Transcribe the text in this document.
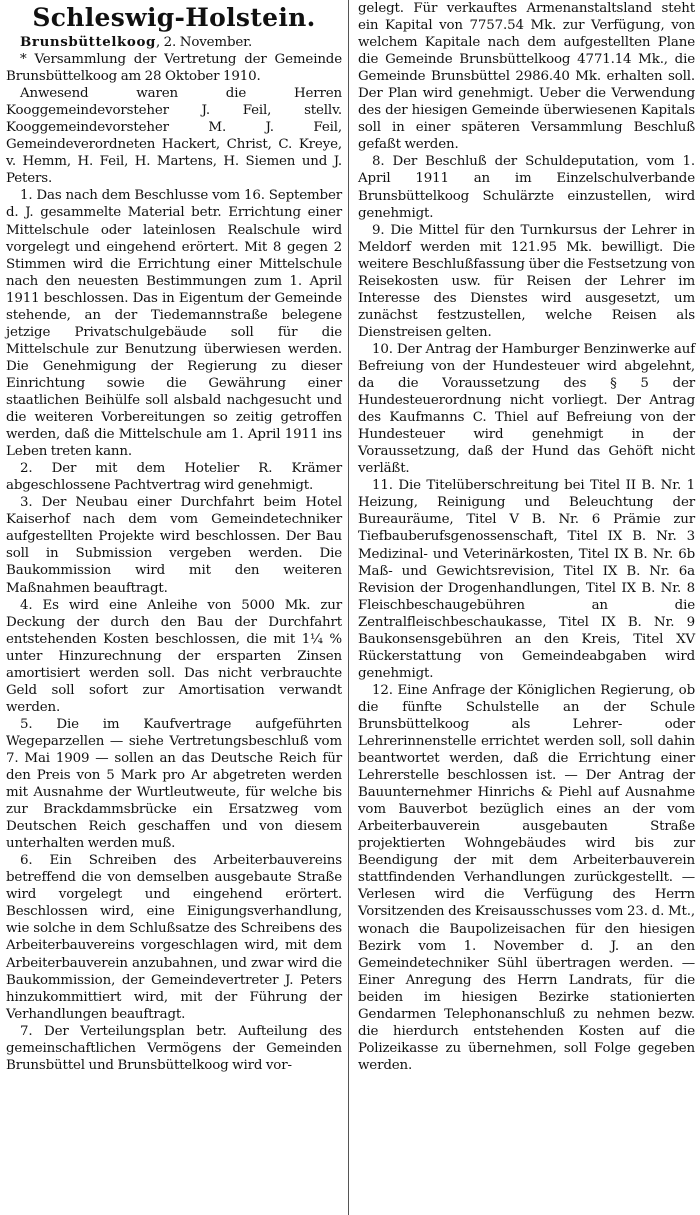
Schleswig-Holstein.

Brunsbüttelkoog, 2. November.

* Versammlung der Vertretung der Gemeinde Brunsbüttelkoog am 28 Oktober 1910.

Anwesend waren die Herren Kooggemeindevorsteher J. Feil, stellv. Kooggemeindevorsteher M. J. Feil, Gemeindeverordneten Hackert, Christ, C. Kreye, v. Hemm, H. Feil, H. Martens, H. Siemen und J. Peters.

1. Das nach dem Beschlusse vom 16. September d. J. gesammelte Material betr. Errichtung einer Mittelschule oder lateinlosen Realschule wird vorgelegt und eingehend erörtert. Mit 8 gegen 2 Stimmen wird die Errichtung einer Mittelschule nach den neuesten Bestimmungen zum 1. April 1911 beschlossen. Das in Eigentum der Gemeinde stehende, an der Tiedemannstraße belegene jetzige Privatschulgebäude soll für die Mittelschule zur Benutzung überwiesen werden. Die Genehmigung der Regierung zu dieser Einrichtung sowie die Gewährung einer staatlichen Beihülfe soll alsbald nachgesucht und die weiteren Vorbereitungen so zeitig getroffen werden, daß die Mittelschule am 1. April 1911 ins Leben treten kann.

2. Der mit dem Hotelier R. Krämer abgeschlossene Pachtvertrag wird genehmigt.

3. Der Neubau einer Durchfahrt beim Hotel Kaiserhof nach dem vom Gemeindetechniker aufgestellten Projekte wird beschlossen. Der Bau soll in Submission vergeben werden. Die Baukommission wird mit den weiteren Maßnahmen beauftragt.

4. Es wird eine Anleihe von 5000 Mk. zur Deckung der durch den Bau der Durchfahrt entstehenden Kosten beschlossen, die mit 1¼ % unter Hinzurechnung der ersparten Zinsen amortisiert werden soll. Das nicht verbrauchte Geld soll sofort zur Amortisation verwandt werden.

5. Die im Kaufvertrage aufgeführten Wegeparzellen — siehe Vertretungsbeschluß vom 7. Mai 1909 — sollen an das Deutsche Reich für den Preis von 5 Mark pro Ar abgetreten werden mit Ausnahme der Wurtleutweute, für welche bis zur Brackdammsbrücke ein Ersatzweg vom Deutschen Reich geschaffen und von diesem unterhalten werden muß.

6. Ein Schreiben des Arbeiterbauvereins betreffend die von demselben ausgebaute Straße wird vorgelegt und eingehend erörtert. Beschlossen wird, eine Einigungsverhandlung, wie solche in dem Schlußsatze des Schreibens des Arbeiterbauvereins vorgeschlagen wird, mit dem Arbeiterbauverein anzubahnen, und zwar wird die Baukommission, der Gemeindevertreter J. Peters hinzukommittiert wird, mit der Führung der Verhandlungen beauftragt.

7. Der Verteilungsplan betr. Aufteilung des gemeinschaftlichen Vermögens der Gemeinden Brunsbüttel und Brunsbüttelkoog wird vor-

gelegt. Für verkauftes Armenanstaltsland steht ein Kapital von 7757.54 Mk. zur Verfügung, von welchem Kapitale nach dem aufgestellten Plane die Gemeinde Brunsbüttelkoog 4771.14 Mk., die Gemeinde Brunsbüttel 2986.40 Mk. erhalten soll. Der Plan wird genehmigt. Ueber die Verwendung des der hiesigen Gemeinde überwiesenen Kapitals soll in einer späteren Versammlung Beschluß gefaßt werden.

8. Der Beschluß der Schuldeputation, vom 1. April 1911 an im Einzelschulverbande Brunsbüttelkoog Schulärzte einzustellen, wird genehmigt.

9. Die Mittel für den Turnkursus der Lehrer in Meldorf werden mit 121.95 Mk. bewilligt. Die weitere Beschlußfassung über die Festsetzung von Reisekosten usw. für Reisen der Lehrer im Interesse des Dienstes wird ausgesetzt, um zunächst festzustellen, welche Reisen als Dienstreisen gelten.

10. Der Antrag der Hamburger Benzinwerke auf Befreiung von der Hundesteuer wird abgelehnt, da die Voraussetzung des § 5 der Hundesteuerordnung nicht vorliegt. Der Antrag des Kaufmanns C. Thiel auf Befreiung von der Hundesteuer wird genehmigt in der Voraussetzung, daß der Hund das Gehöft nicht verläßt.

11. Die Titelüberschreitung bei Titel II B. Nr. 1 Heizung, Reinigung und Beleuchtung der Bureauräume, Titel V B. Nr. 6 Prämie zur Tiefbauberufsgenossenschaft, Titel IX B. Nr. 3 Medizinal- und Veterinärkosten, Titel IX B. Nr. 6b Maß- und Gewichtsrevision, Titel IX B. Nr. 6a Revision der Drogenhandlungen, Titel IX B. Nr. 8 Fleischbeschaugebühren an die Zentralfleischbeschaukasse, Titel IX B. Nr. 9 Baukonsensgebühren an den Kreis, Titel XV Rückerstattung von Gemeindeabgaben wird genehmigt.

12. Eine Anfrage der Königlichen Regierung, ob die fünfte Schulstelle an der Schule Brunsbüttelkoog als Lehrer- oder Lehrerinnenstelle errichtet werden soll, soll dahin beantwortet werden, daß die Errichtung einer Lehrerstelle beschlossen ist. — Der Antrag der Bauunternehmer Hinrichs & Piehl auf Ausnahme vom Bauverbot bezüglich eines an der vom Arbeiterbauverein ausgebauten Straße projektierten Wohngebäudes wird bis zur Beendigung der mit dem Arbeiterbauverein stattfindenden Verhandlungen zurückgestellt. — Verlesen wird die Verfügung des Herrn Vorsitzenden des Kreisausschusses vom 23. d. Mt., wonach die Baupolizeisachen für den hiesigen Bezirk vom 1. November d. J. an den Gemeindetechniker Sühl übertragen werden. — Einer Anregung des Herrn Landrats, für die beiden im hiesigen Bezirke stationierten Gendarmen Telephonanschluß zu nehmen bezw. die hierdurch entstehenden Kosten auf die Polizeikasse zu übernehmen, soll Folge gegeben werden.
